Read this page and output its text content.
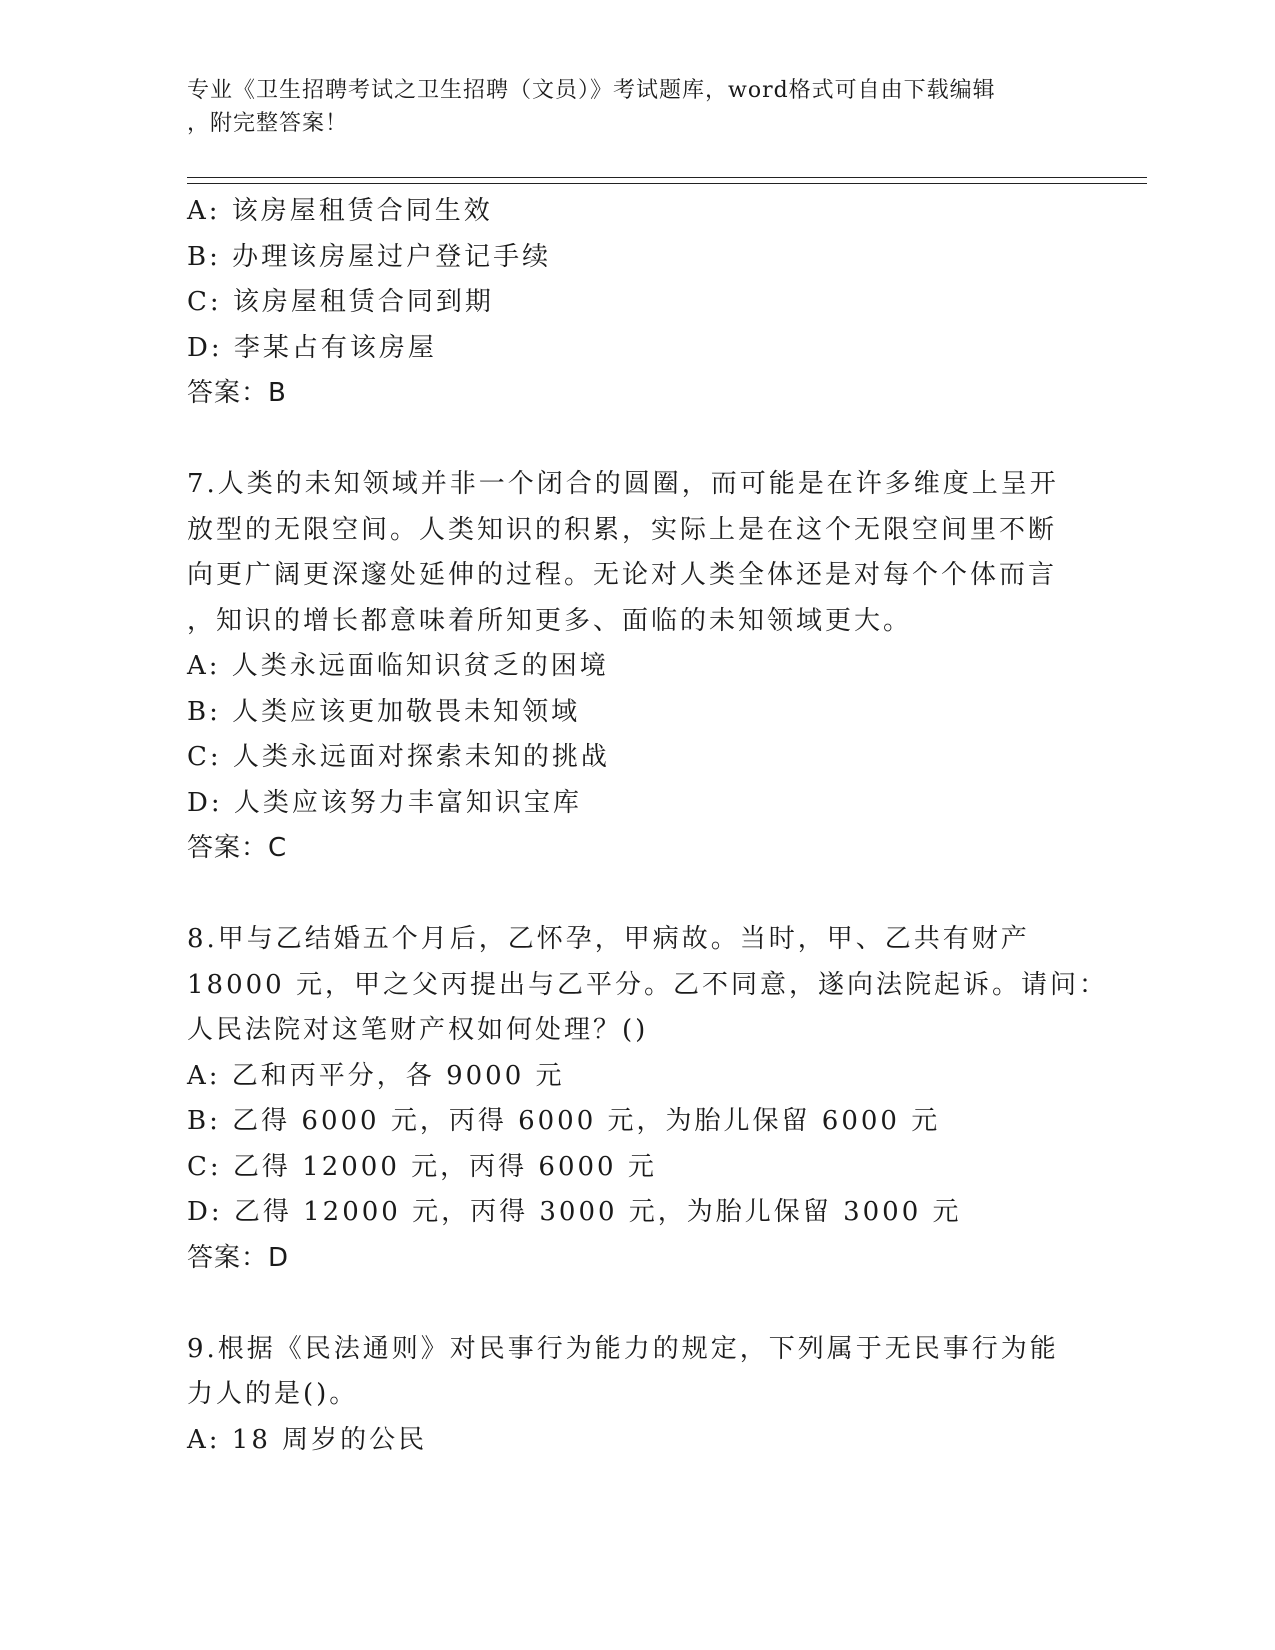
专业《卫生招聘考试之卫生招聘（文员）》考试题库，word格式可自由下载编辑
，附完整答案！
A: 该房屋租赁合同生效
B: 办理该房屋过户登记手续
C: 该房屋租赁合同到期
D: 李某占有该房屋
答案：B
7.人类的未知领域并非一个闭合的圆圈，而可能是在许多维度上呈开
放型的无限空间。人类知识的积累，实际上是在这个无限空间里不断
向更广阔更深邃处延伸的过程。无论对人类全体还是对每个个体而言
，知识的增长都意味着所知更多、面临的未知领域更大。
A: 人类永远面临知识贫乏的困境
B: 人类应该更加敬畏未知领域
C: 人类永远面对探索未知的挑战
D: 人类应该努力丰富知识宝库
答案：C
8.甲与乙结婚五个月后，乙怀孕，甲病故。当时，甲、乙共有财产
18000 元，甲之父丙提出与乙平分。乙不同意，遂向法院起诉。请问：
人民法院对这笔财产权如何处理？()
A: 乙和丙平分，各 9000 元
B: 乙得 6000 元，丙得 6000 元，为胎儿保留 6000 元
C: 乙得 12000 元，丙得 6000 元
D: 乙得 12000 元，丙得 3000 元，为胎儿保留 3000 元
答案：D
9.根据《民法通则》对民事行为能力的规定，下列属于无民事行为能
力人的是()。
A: 18 周岁的公民
